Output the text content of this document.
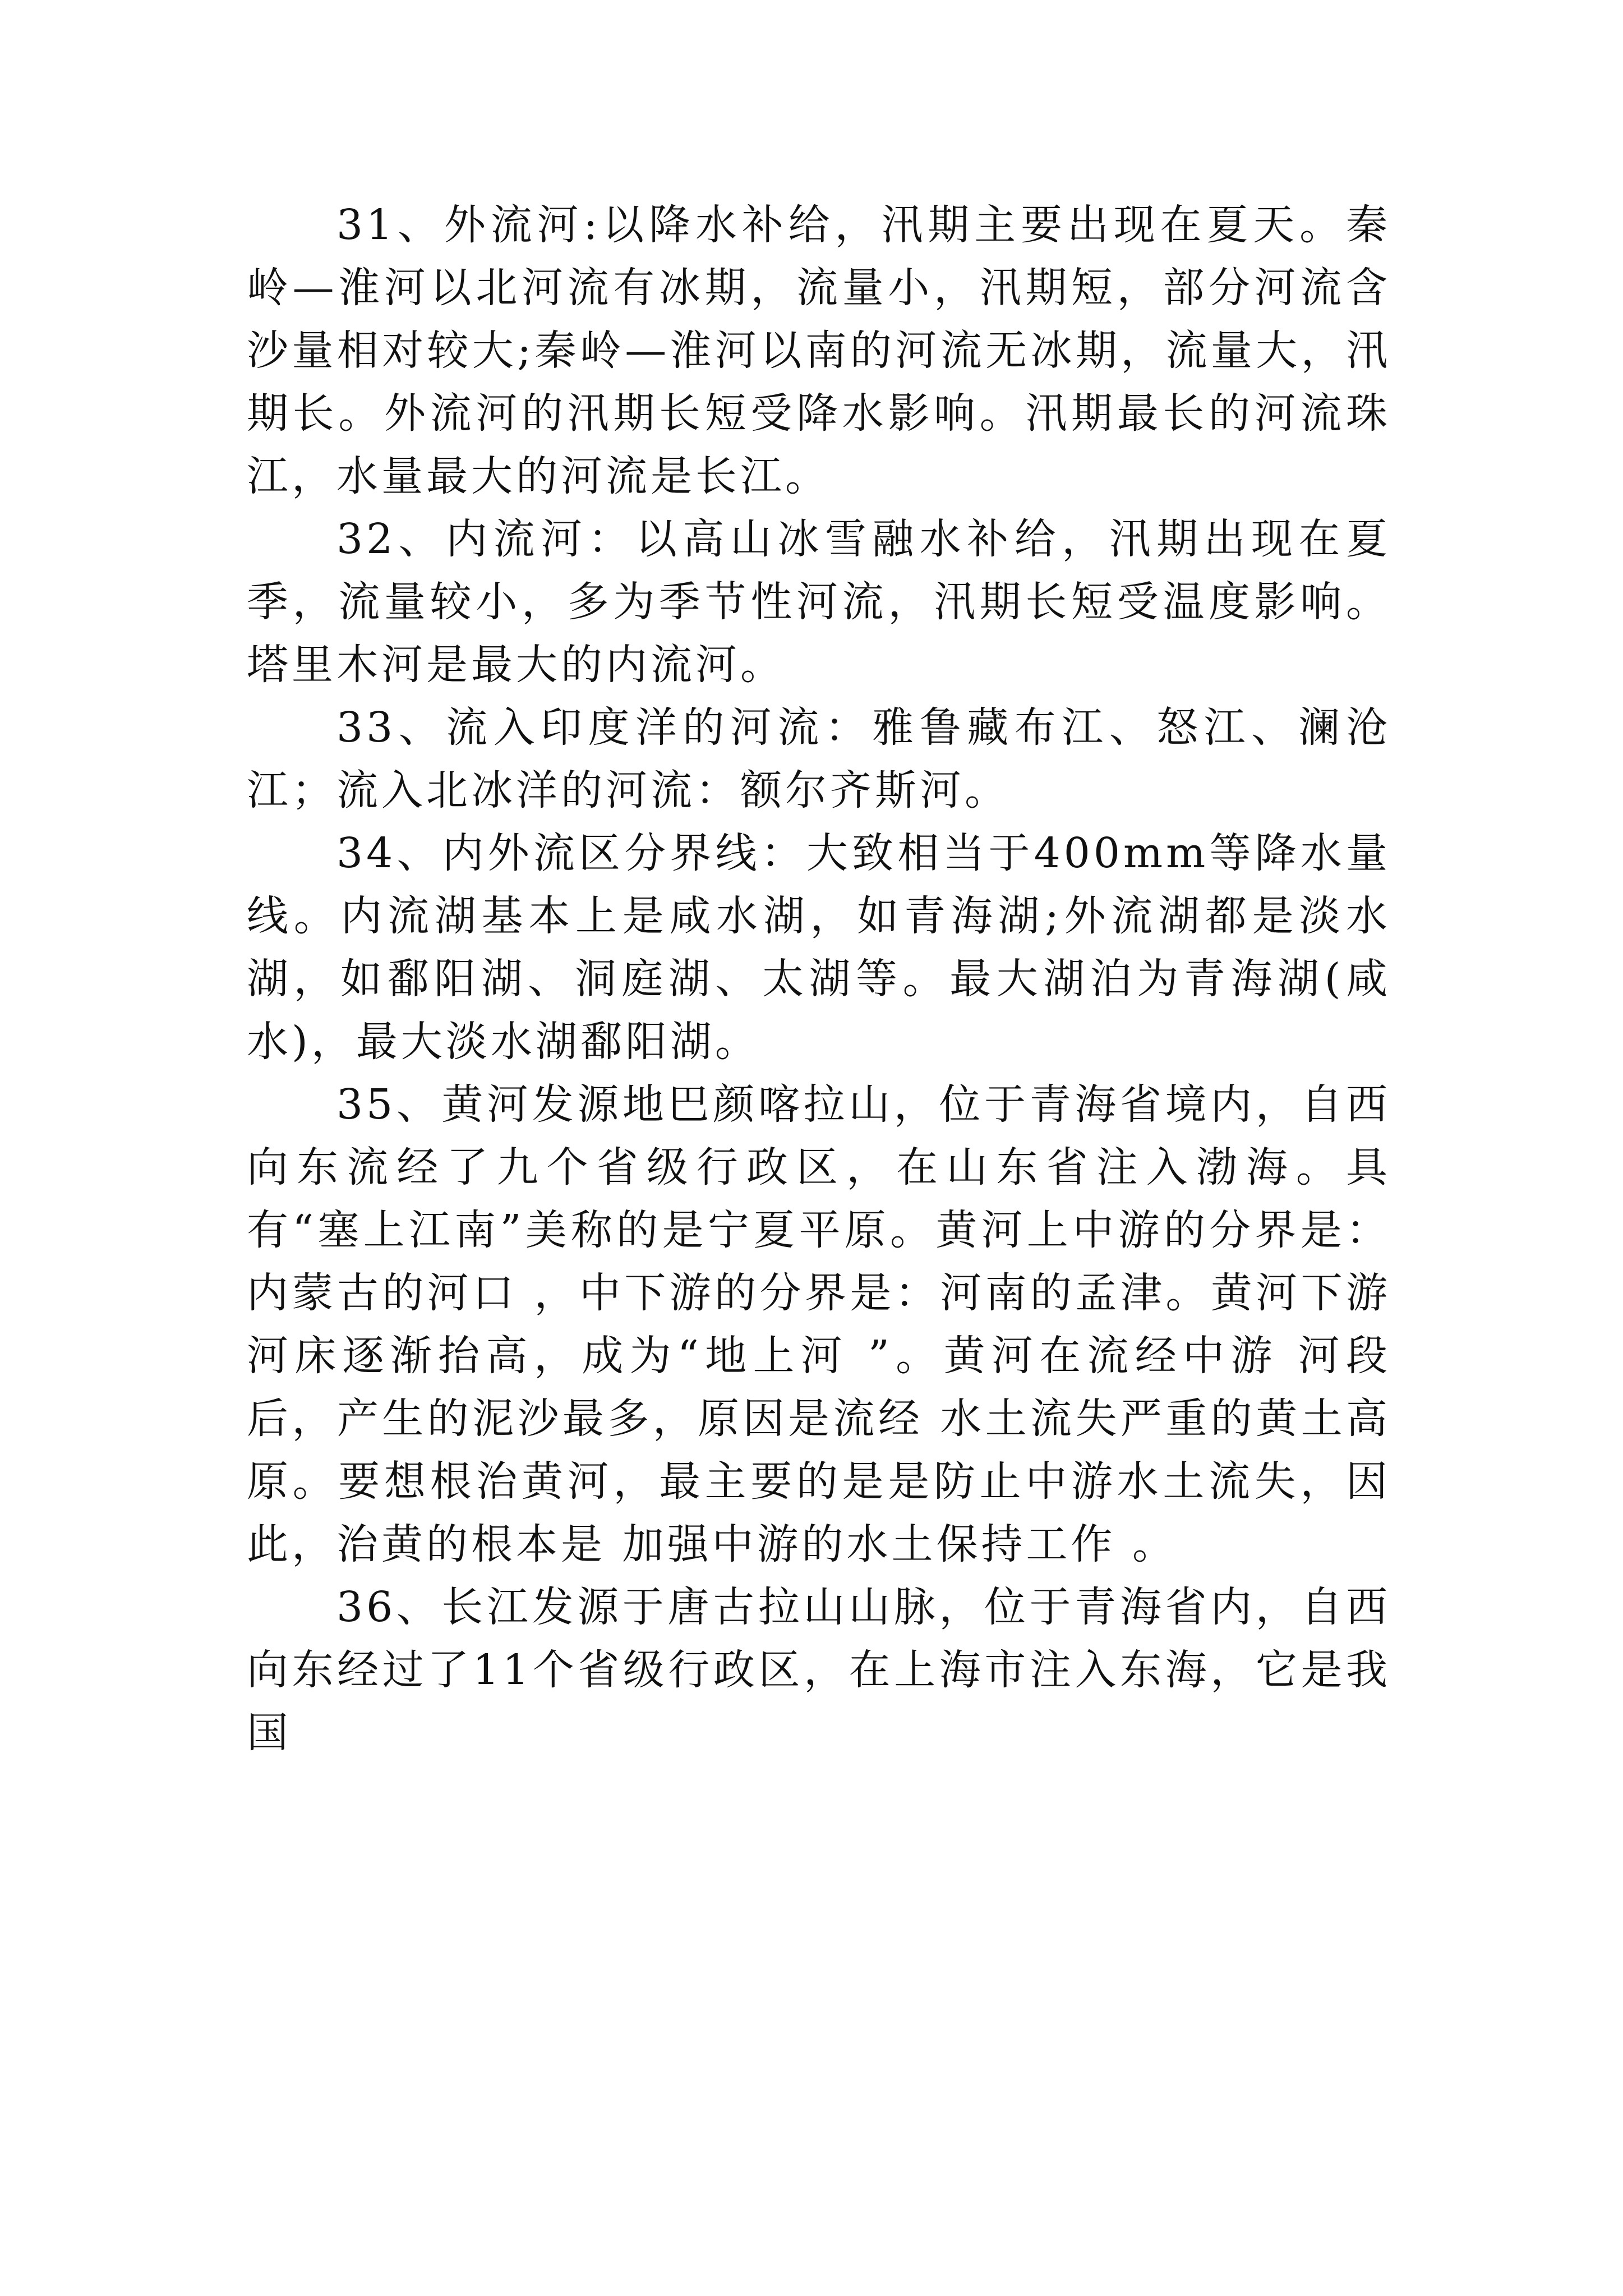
31、外流河:以降水补给，汛期主要出现在夏天。秦岭—淮河以北河流有冰期，流量小，汛期短，部分河流含沙量相对较大;秦岭—淮河以南的河流无冰期，流量大，汛期长。外流河的汛期长短受降水影响。汛期最长的河流珠江，水量最大的河流是长江。

32、内流河：以高山冰雪融水补给，汛期出现在夏季，流量较小，多为季节性河流，汛期长短受温度影响。塔里木河是最大的内流河。

33、流入印度洋的河流：雅鲁藏布江、怒江、澜沧江；流入北冰洋的河流：额尔齐斯河。

34、内外流区分界线：大致相当于400mm等降水量线。内流湖基本上是咸水湖，如青海湖;外流湖都是淡水湖，如鄱阳湖、洞庭湖、太湖等。最大湖泊为青海湖(咸水)，最大淡水湖鄱阳湖。

35、黄河发源地巴颜喀拉山，位于青海省境内，自西向东流经了九个省级行政区，在山东省注入渤海。具有“塞上江南”美称的是宁夏平原。黄河上中游的分界是：内蒙古的河口 ，中下游的分界是：河南的孟津。黄河下游河床逐渐抬高，成为“地上河 ”。黄河在流经中游 河段后，产生的泥沙最多，原因是流经 水土流失严重的黄土高原。要想根治黄河，最主要的是是防止中游水土流失，因此，治黄的根本是 加强中游的水土保持工作 。

36、长江发源于唐古拉山山脉，位于青海省内，自西向东经过了11个省级行政区，在上海市注入东海，它是我国
